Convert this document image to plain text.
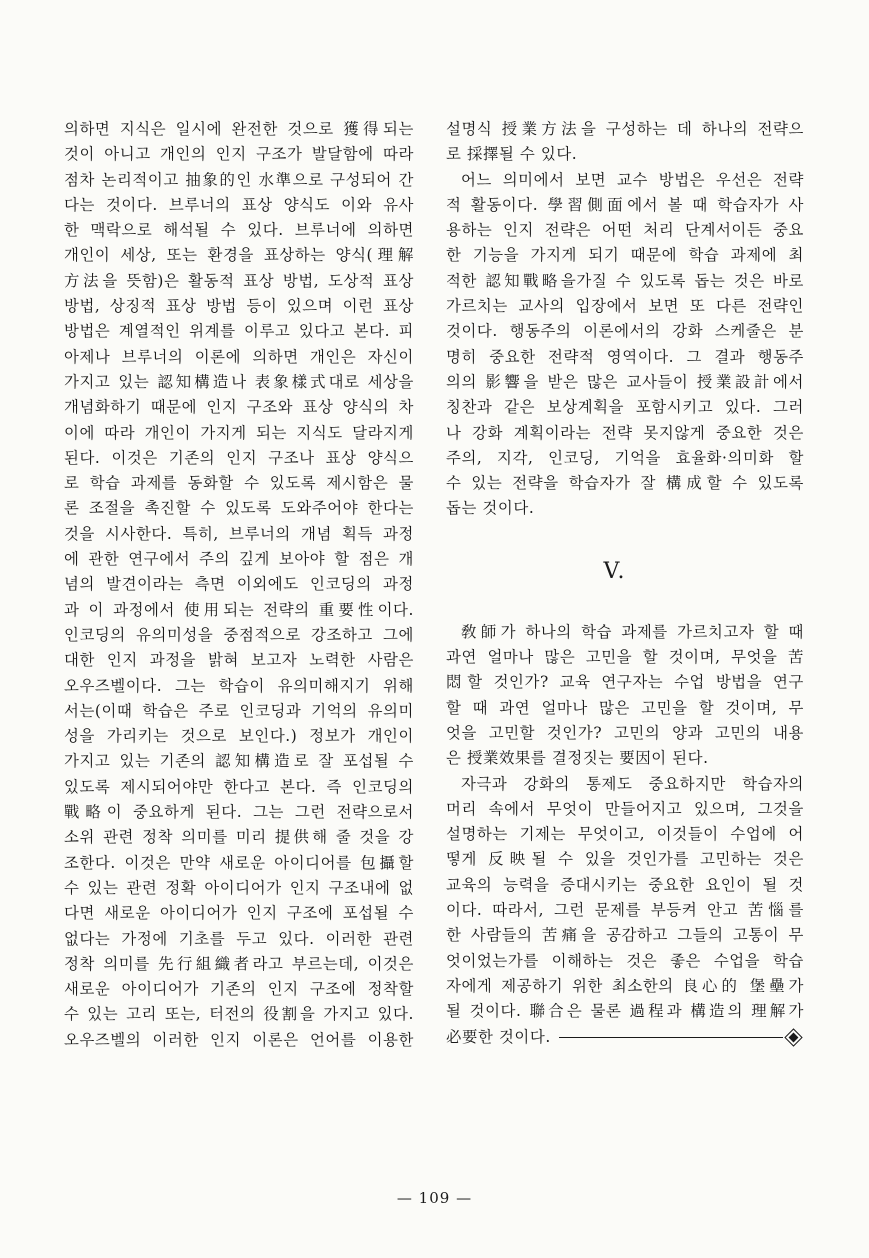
의하면 지식은 일시에 완전한 것으로 獲得되는
것이 아니고 개인의 인지 구조가 발달함에 따라
점차 논리적이고 抽象的인 水準으로 구성되어 간
다는 것이다. 브루너의 표상 양식도 이와 유사
한 맥락으로 해석될 수 있다. 브루너에 의하면
개인이 세상, 또는 환경을 표상하는 양식(理解
方法을 뜻함)은 활동적 표상 방법, 도상적 표상
방법, 상징적 표상 방법 등이 있으며 이런 표상
방법은 계열적인 위계를 이루고 있다고 본다. 피
아제나 브루너의 이론에 의하면 개인은 자신이
가지고 있는 認知構造나 表象樣式대로 세상을
개념화하기 때문에 인지 구조와 표상 양식의 차
이에 따라 개인이 가지게 되는 지식도 달라지게
된다. 이것은 기존의 인지 구조나 표상 양식으
로 학습 과제를 동화할 수 있도록 제시함은 물
론 조절을 촉진할 수 있도록 도와주어야 한다는
것을 시사한다. 특히, 브루너의 개념 획득 과정
에 관한 연구에서 주의 깊게 보아야 할 점은 개
념의 발견이라는 측면 이외에도 인코딩의 과정
과 이 과정에서 使用되는 전략의 重要性이다.
인코딩의 유의미성을 중점적으로 강조하고 그에
대한 인지 과정을 밝혀 보고자 노력한 사람은
오우즈벨이다. 그는 학습이 유의미해지기 위해
서는(이때 학습은 주로 인코딩과 기억의 유의미
성을 가리키는 것으로 보인다.) 정보가 개인이
가지고 있는 기존의 認知構造로 잘 포섭될 수
있도록 제시되어야만 한다고 본다. 즉 인코딩의
戰略이 중요하게 된다. 그는 그런 전략으로서
소위 관련 정착 의미를 미리 提供해 줄 것을 강
조한다. 이것은 만약 새로운 아이디어를 包攝할
수 있는 관련 정확 아이디어가 인지 구조내에 없
다면 새로운 아이디어가 인지 구조에 포섭될 수
없다는 가정에 기초를 두고 있다. 이러한 관련
정착 의미를 先行組織者라고 부르는데, 이것은
새로운 아이디어가 기존의 인지 구조에 정착할
수 있는 고리 또는, 터전의 役割을 가지고 있다.
오우즈벨의 이러한 인지 이론은 언어를 이용한
설명식 授業方法을 구성하는 데 하나의 전략으
로 採擇될 수 있다.
어느 의미에서 보면 교수 방법은 우선은 전략
적 활동이다. 學習側面에서 볼 때 학습자가 사
용하는 인지 전략은 어떤 처리 단계서이든 중요
한 기능을 가지게 되기 때문에 학습 과제에 최
적한 認知戰略을가질 수 있도록 돕는 것은 바로
가르치는 교사의 입장에서 보면 또 다른 전략인
것이다. 행동주의 이론에서의 강화 스케줄은 분
명히 중요한 전략적 영역이다. 그 결과 행동주
의의 影響을 받은 많은 교사들이 授業設計에서
칭찬과 같은 보상계획을 포함시키고 있다. 그러
나 강화 계획이라는 전략 못지않게 중요한 것은
주의, 지각, 인코딩, 기억을 효율화·의미화 할
수 있는 전략을 학습자가 잘 構成할 수 있도록
돕는 것이다.
V.
敎師가 하나의 학습 과제를 가르치고자 할 때
과연 얼마나 많은 고민을 할 것이며, 무엇을 苦
悶할 것인가? 교육 연구자는 수업 방법을 연구
할 때 과연 얼마나 많은 고민을 할 것이며, 무
엇을 고민할 것인가? 고민의 양과 고민의 내용
은 授業效果를 결정짓는 要因이 된다.
자극과 강화의 통제도 중요하지만 학습자의
머리 속에서 무엇이 만들어지고 있으며, 그것을
설명하는 기제는 무엇이고, 이것들이 수업에 어
떻게 反映될 수 있을 것인가를 고민하는 것은
교육의 능력을 증대시키는 중요한 요인이 될 것
이다. 따라서, 그런 문제를 부등켜 안고 苦惱를
한 사람들의 苦痛을 공감하고 그들의 고통이 무
엇이었는가를 이해하는 것은 좋은 수업을 학습
자에게 제공하기 위한 최소한의 良心的 堡壘가
될 것이다. 聯合은 물론 過程과 構造의 理解가
必要한 것이다.
— 109 —
